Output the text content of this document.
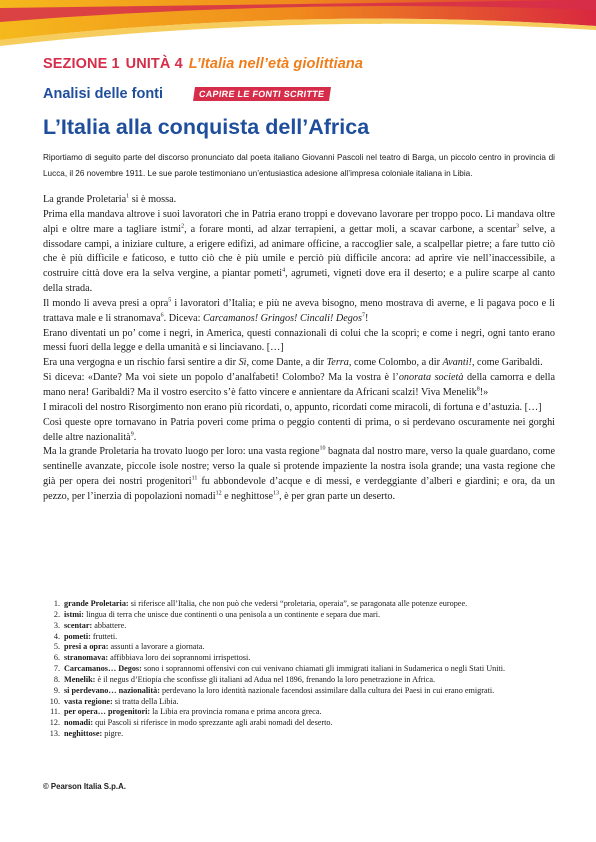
SEZIONE 1 UNITÀ 4 L’Italia nell’età giolittiana
Analisi delle fonti	CAPIRE LE FONTI SCRITTE
L’Italia alla conquista dell’Africa
Riportiamo di seguito parte del discorso pronunciato dal poeta italiano Giovanni Pascoli nel teatro di Barga, un piccolo centro in provincia di Lucca, il 26 novembre 1911. Le sue parole testimoniano un’entusiastica adesione all’impresa coloniale italiana in Libia.

La grande Proletaria$^1$ si è mossa.

Prima ella mandava altrove i suoi lavoratori che in Patria erano troppi e dovevano lavorare per troppo poco. Li mandava oltre alpi e oltre mare a tagliare istmi$^2$, a forare monti, ad alzar terrapieni, a gettar moli, a scavar carbone, a scentar$^3$ selve, a dissodare campi, a iniziare culture, a erigere edifizi, ad animare officine, a raccoglier sale, a scalpellar pietre; a fare tutto ciò che è più difficile e faticoso, e tutto ciò che è più umile e perciò più difficile ancora: ad aprire vie nell’inaccessibile, a costruire città dove era la selva vergine, a piantar pometi$^4$, agrumeti, vigneti dove era il deserto; e a pulire scarpe al canto della strada.

Il mondo li aveva presi a opra$^5$ i lavoratori d’Italia; e più ne aveva bisogno, meno mostrava di averne, e li pagava poco e li trattava male e li stranomava$^6$. Diceva: Carcamanos! Gringos! Cincali! Degos$^7$!

Erano diventati un po’ come i negri, in America, questi connazionali di colui che la scoprì; e come i negri, ogni tanto erano messi fuori della legge e della umanità e si linciavano. […]

Era una vergogna e un rischio farsi sentire a dir Sì, come Dante, a dir Terra, come Colombo, a dir Avanti!, come Garibaldi.

Si diceva: «Dante? Ma voi siete un popolo d’analfabeti! Colombo? Ma la vostra è l’onorata società della camorra e della mano nera! Garibaldi? Ma il vostro esercito s’è fatto vincere e annientare da Africani scalzi! Viva Menelik$^8$!»

I miracoli del nostro Risorgimento non erano più ricordati, o, appunto, ricordati come miracoli, di fortuna e d’astuzia. […]

Così queste opre tornavano in Patria poveri come prima o peggio contenti di prima, o si perdevano oscuramente nei gorghi delle altre nazionalità$^9$.

Ma la grande Proletaria ha trovato luogo per loro: una vasta regione$^{10}$ bagnata dal nostro mare, verso la quale guardano, come sentinelle avanzate, piccole isole nostre; verso la quale si protende impaziente la nostra isola grande; una vasta regione che già per opera dei nostri progenitori$^{11}$ fu abbondevole d’acque e di messi, e verdeggiante d’alberi e giardini; e ora, da un pezzo, per l’inerzia di popolazioni nomadi$^{12}$ e neghittose$^{13}$, è per gran parte un deserto.

1. grande Proletaria: si riferisce all’Italia, che non può che vedersi “proletaria, operaia”, se paragonata alle potenze europee.
2. istmi: lingua di terra che unisce due continenti o una penisola a un continente e separa due mari.
3. scentar: abbattere.
4. pometi: frutteti.
5. presi a opra: assunti a lavorare a giornata.
6. stranomava: affibbiava loro dei soprannomi irrispettosi.
7. Carcamanos… Degos: sono i soprannomi offensivi con cui venivano chiamati gli immigrati italiani in Sudamerica o negli Stati Uniti.
8. Menelik: è il negus d’Etiopia che sconfisse gli italiani ad Adua nel 1896, frenando la loro penetrazione in Africa.
9. si perdevano… nazionalità: perdevano la loro identità nazionale facendosi assimilare dalla cultura dei Paesi in cui erano emigrati.
10. vasta regione: si tratta della Libia.
11. per opera… progenitori: la Libia era provincia romana e prima ancora greca.
12. nomadi: qui Pascoli si riferisce in modo sprezzante agli arabi nomadi del deserto.
13. neghittose: pigre.
© Pearson Italia S.p.A.
